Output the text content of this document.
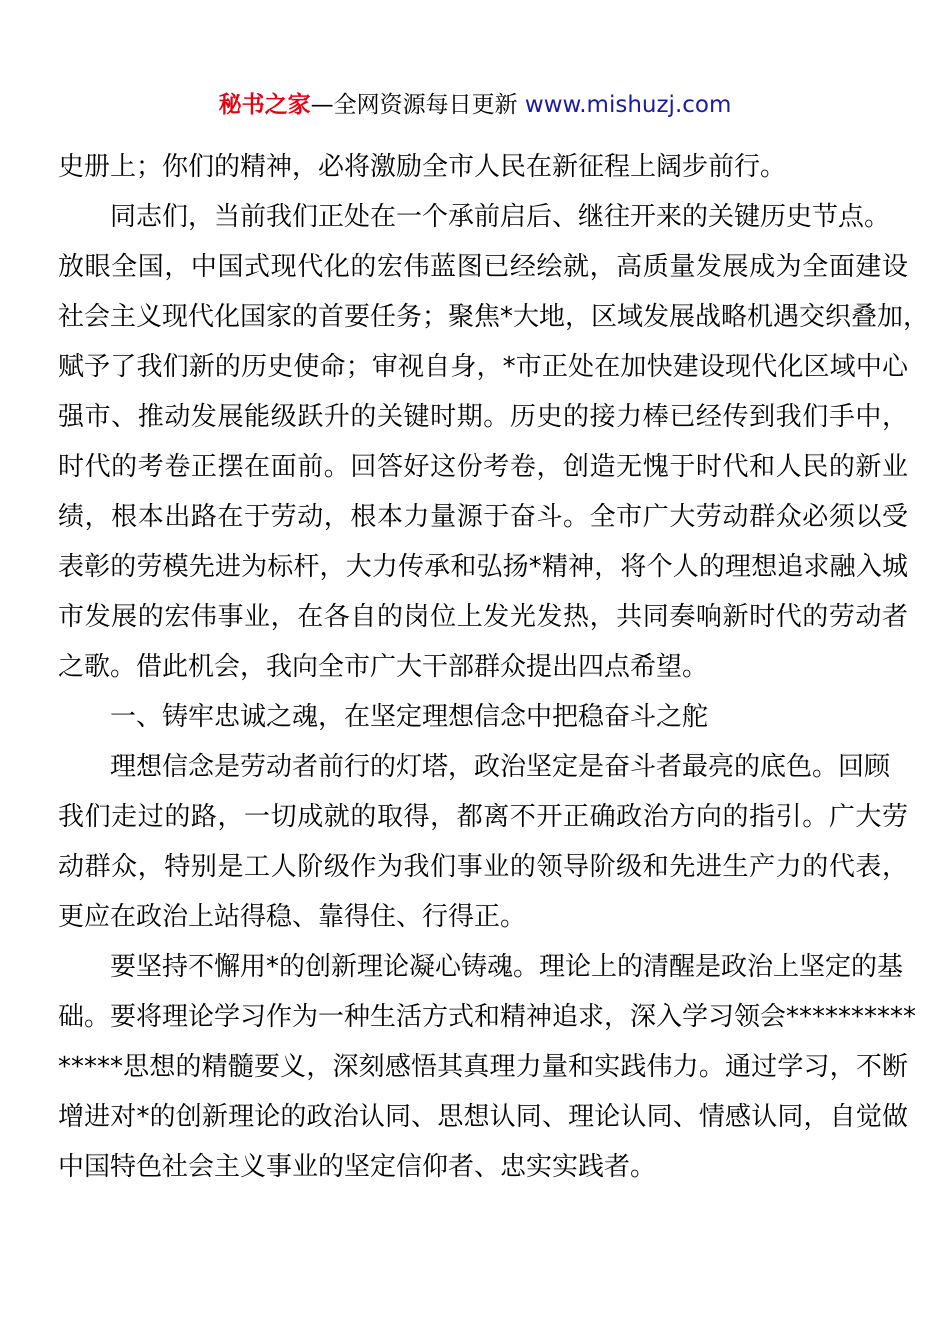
秘书之家—全网资源每日更新 www.mishuzj.com
史册上；你们的精神，必将激励全市人民在新征程上阔步前行。
同志们，当前我们正处在一个承前启后、继往开来的关键历史节点。
放眼全国，中国式现代化的宏伟蓝图已经绘就，高质量发展成为全面建设
社会主义现代化国家的首要任务；聚焦*大地，区域发展战略机遇交织叠加，
赋予了我们新的历史使命；审视自身，*市正处在加快建设现代化区域中心
强市、推动发展能级跃升的关键时期。历史的接力棒已经传到我们手中，
时代的考卷正摆在面前。回答好这份考卷，创造无愧于时代和人民的新业
绩，根本出路在于劳动，根本力量源于奋斗。全市广大劳动群众必须以受
表彰的劳模先进为标杆，大力传承和弘扬*精神，将个人的理想追求融入城
市发展的宏伟事业，在各自的岗位上发光发热，共同奏响新时代的劳动者
之歌。借此机会，我向全市广大干部群众提出四点希望。
一、铸牢忠诚之魂，在坚定理想信念中把稳奋斗之舵
理想信念是劳动者前行的灯塔，政治坚定是奋斗者最亮的底色。回顾
我们走过的路，一切成就的取得，都离不开正确政治方向的指引。广大劳
动群众，特别是工人阶级作为我们事业的领导阶级和先进生产力的代表，
更应在政治上站得稳、靠得住、行得正。
要坚持不懈用*的创新理论凝心铸魂。理论上的清醒是政治上坚定的基
础。要将理论学习作为一种生活方式和精神追求，深入学习领会**********
*****思想的精髓要义，深刻感悟其真理力量和实践伟力。通过学习，不断
增进对*的创新理论的政治认同、思想认同、理论认同、情感认同，自觉做
中国特色社会主义事业的坚定信仰者、忠实实践者。
